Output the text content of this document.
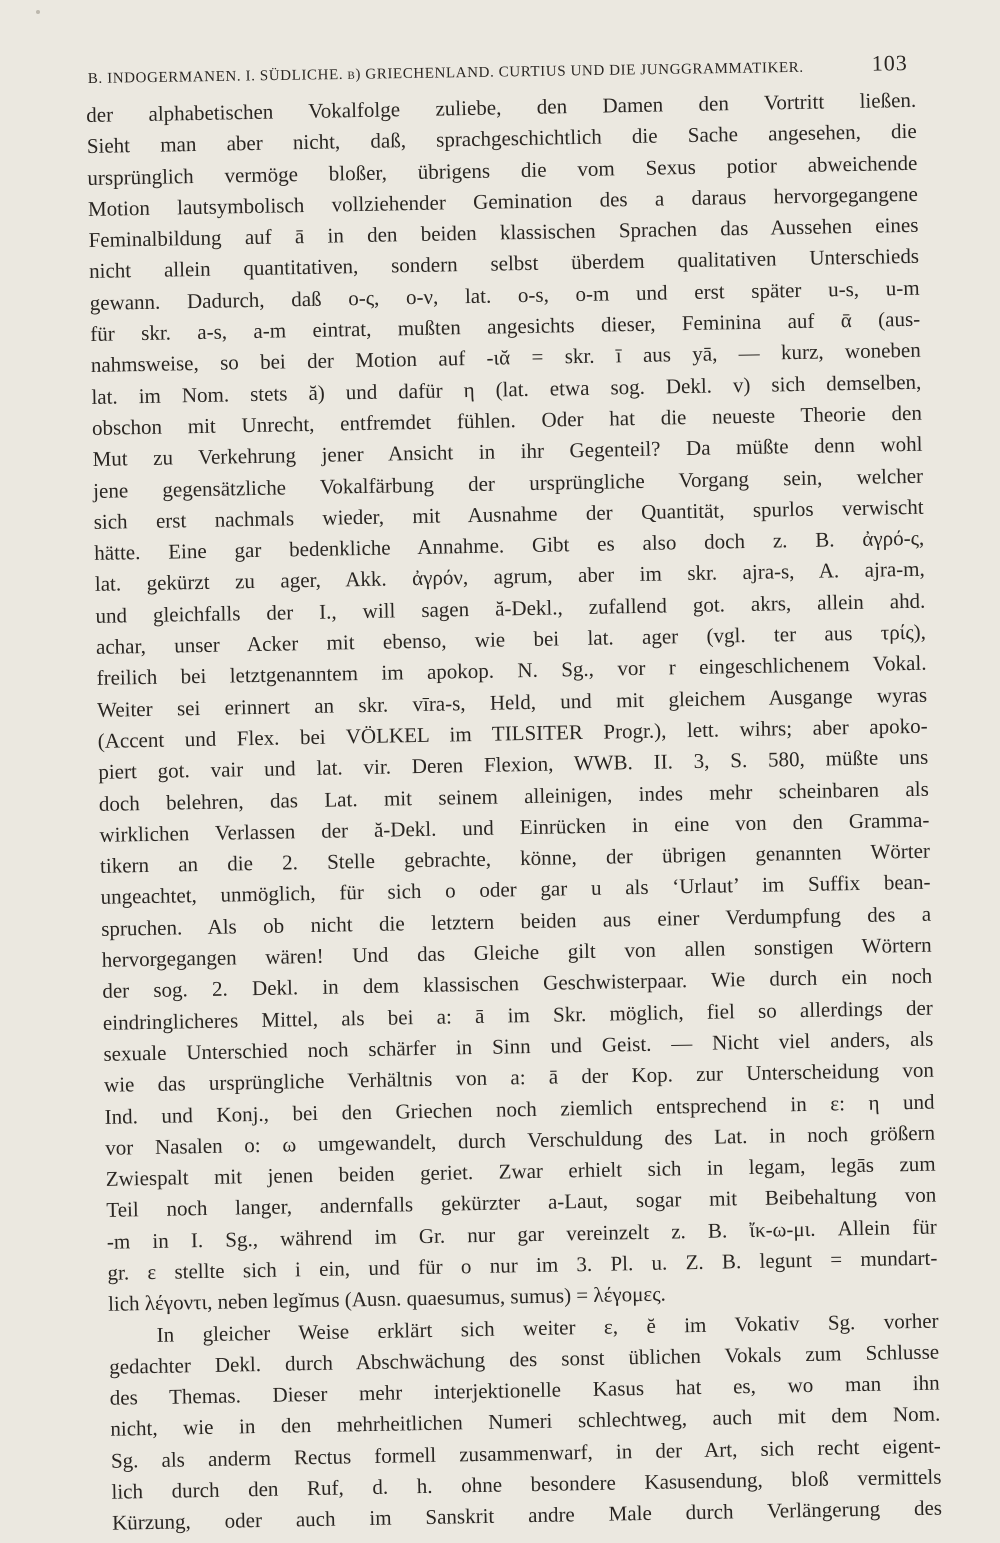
B. INDOGERMANEN. I. SÜDLICHE. b) GRIECHENLAND. CURTIUS UND DIE JUNGGRAMMATIKER.	103
der alphabetischen Vokalfolge zuliebe, den Damen den Vortritt ließen.
Sieht man aber nicht, daß, sprachgeschichtlich die Sache angesehen, die
ursprünglich vermöge bloßer, übrigens die vom Sexus potior abweichende
Motion lautsymbolisch vollziehender Gemination des a daraus hervorgegangene
Feminalbildung auf ā in den beiden klassischen Sprachen das Aussehen eines
nicht allein quantitativen, sondern selbst überdem qualitativen Unterschieds
gewann. Dadurch, daß ο-ς, ο-ν, lat. o-s, o-m und erst später u-s, u-m
für skr. a-s, a-m eintrat, mußten angesichts dieser, Feminina auf ᾱ (aus-
nahmsweise, so bei der Motion auf -ιᾰ = skr. ī aus yā, — kurz, woneben
lat. im Nom. stets ă) und dafür η (lat. etwa sog. Dekl. v) sich demselben,
obschon mit Unrecht, entfremdet fühlen. Oder hat die neueste Theorie den
Mut zu Verkehrung jener Ansicht in ihr Gegenteil? Da müßte denn wohl
jene gegensätzliche Vokalfärbung der ursprüngliche Vorgang sein, welcher
sich erst nachmals wieder, mit Ausnahme der Quantität, spurlos verwischt
hätte. Eine gar bedenkliche Annahme. Gibt es also doch z. B. ἀγρό-ς,
lat. gekürzt zu ager, Akk. ἀγρόν, agrum, aber im skr. ajra-s, A. ajra-m,
und gleichfalls der I., will sagen ă-Dekl., zufallend got. akrs, allein ahd.
achar, unser Acker mit ebenso, wie bei lat. ager (vgl. ter aus τρίς),
freilich bei letztgenanntem im apokop. N. Sg., vor r eingeschlichenem Vokal.
Weiter sei erinnert an skr. vīra-s, Held, und mit gleichem Ausgange wyras
(Accent und Flex. bei VÖLKEL im TILSITER Progr.), lett. wihrs; aber apoko-
piert got. vair und lat. vir. Deren Flexion, WWB. II. 3, S. 580, müßte uns
doch belehren, das Lat. mit seinem alleinigen, indes mehr scheinbaren als
wirklichen Verlassen der ă-Dekl. und Einrücken in eine von den Gramma-
tikern an die 2. Stelle gebrachte, könne, der übrigen genannten Wörter
ungeachtet, unmöglich, für sich o oder gar u als ‘Urlaut’ im Suffix bean-
spruchen. Als ob nicht die letztern beiden aus einer Verdumpfung des a
hervorgegangen wären! Und das Gleiche gilt von allen sonstigen Wörtern
der sog. 2. Dekl. in dem klassischen Geschwisterpaar. Wie durch ein noch
eindringlicheres Mittel, als bei a: ā im Skr. möglich, fiel so allerdings der
sexuale Unterschied noch schärfer in Sinn und Geist. — Nicht viel anders, als
wie das ursprüngliche Verhältnis von a: ā der Kop. zur Unterscheidung von
Ind. und Konj., bei den Griechen noch ziemlich entsprechend in ε: η und
vor Nasalen ο: ω umgewandelt, durch Verschuldung des Lat. in noch größern
Zwiespalt mit jenen beiden geriet. Zwar erhielt sich in legam, legās zum
Teil noch langer, andernfalls gekürzter a-Laut, sogar mit Beibehaltung von
-m in I. Sg., während im Gr. nur gar vereinzelt z. B. ἴκ-ω-μι. Allein für
gr. ε stellte sich i ein, und für ο nur im 3. Pl. u. Z. B. legunt = mundart-
lich λέγοντι, neben legĭmus (Ausn. quaesumus, sumus) = λέγομες.
In gleicher Weise erklärt sich weiter ε, ĕ im Vokativ Sg. vorher
gedachter Dekl. durch Abschwächung des sonst üblichen Vokals zum Schlusse
des Themas. Dieser mehr interjektionelle Kasus hat es, wo man ihn
nicht, wie in den mehrheitlichen Numeri schlechtweg, auch mit dem Nom.
Sg. als anderm Rectus formell zusammenwarf, in der Art, sich recht eigent-
lich durch den Ruf, d. h. ohne besondere Kasusendung, bloß vermittels
Kürzung, oder auch im Sanskrit andre Male durch Verlängerung des
